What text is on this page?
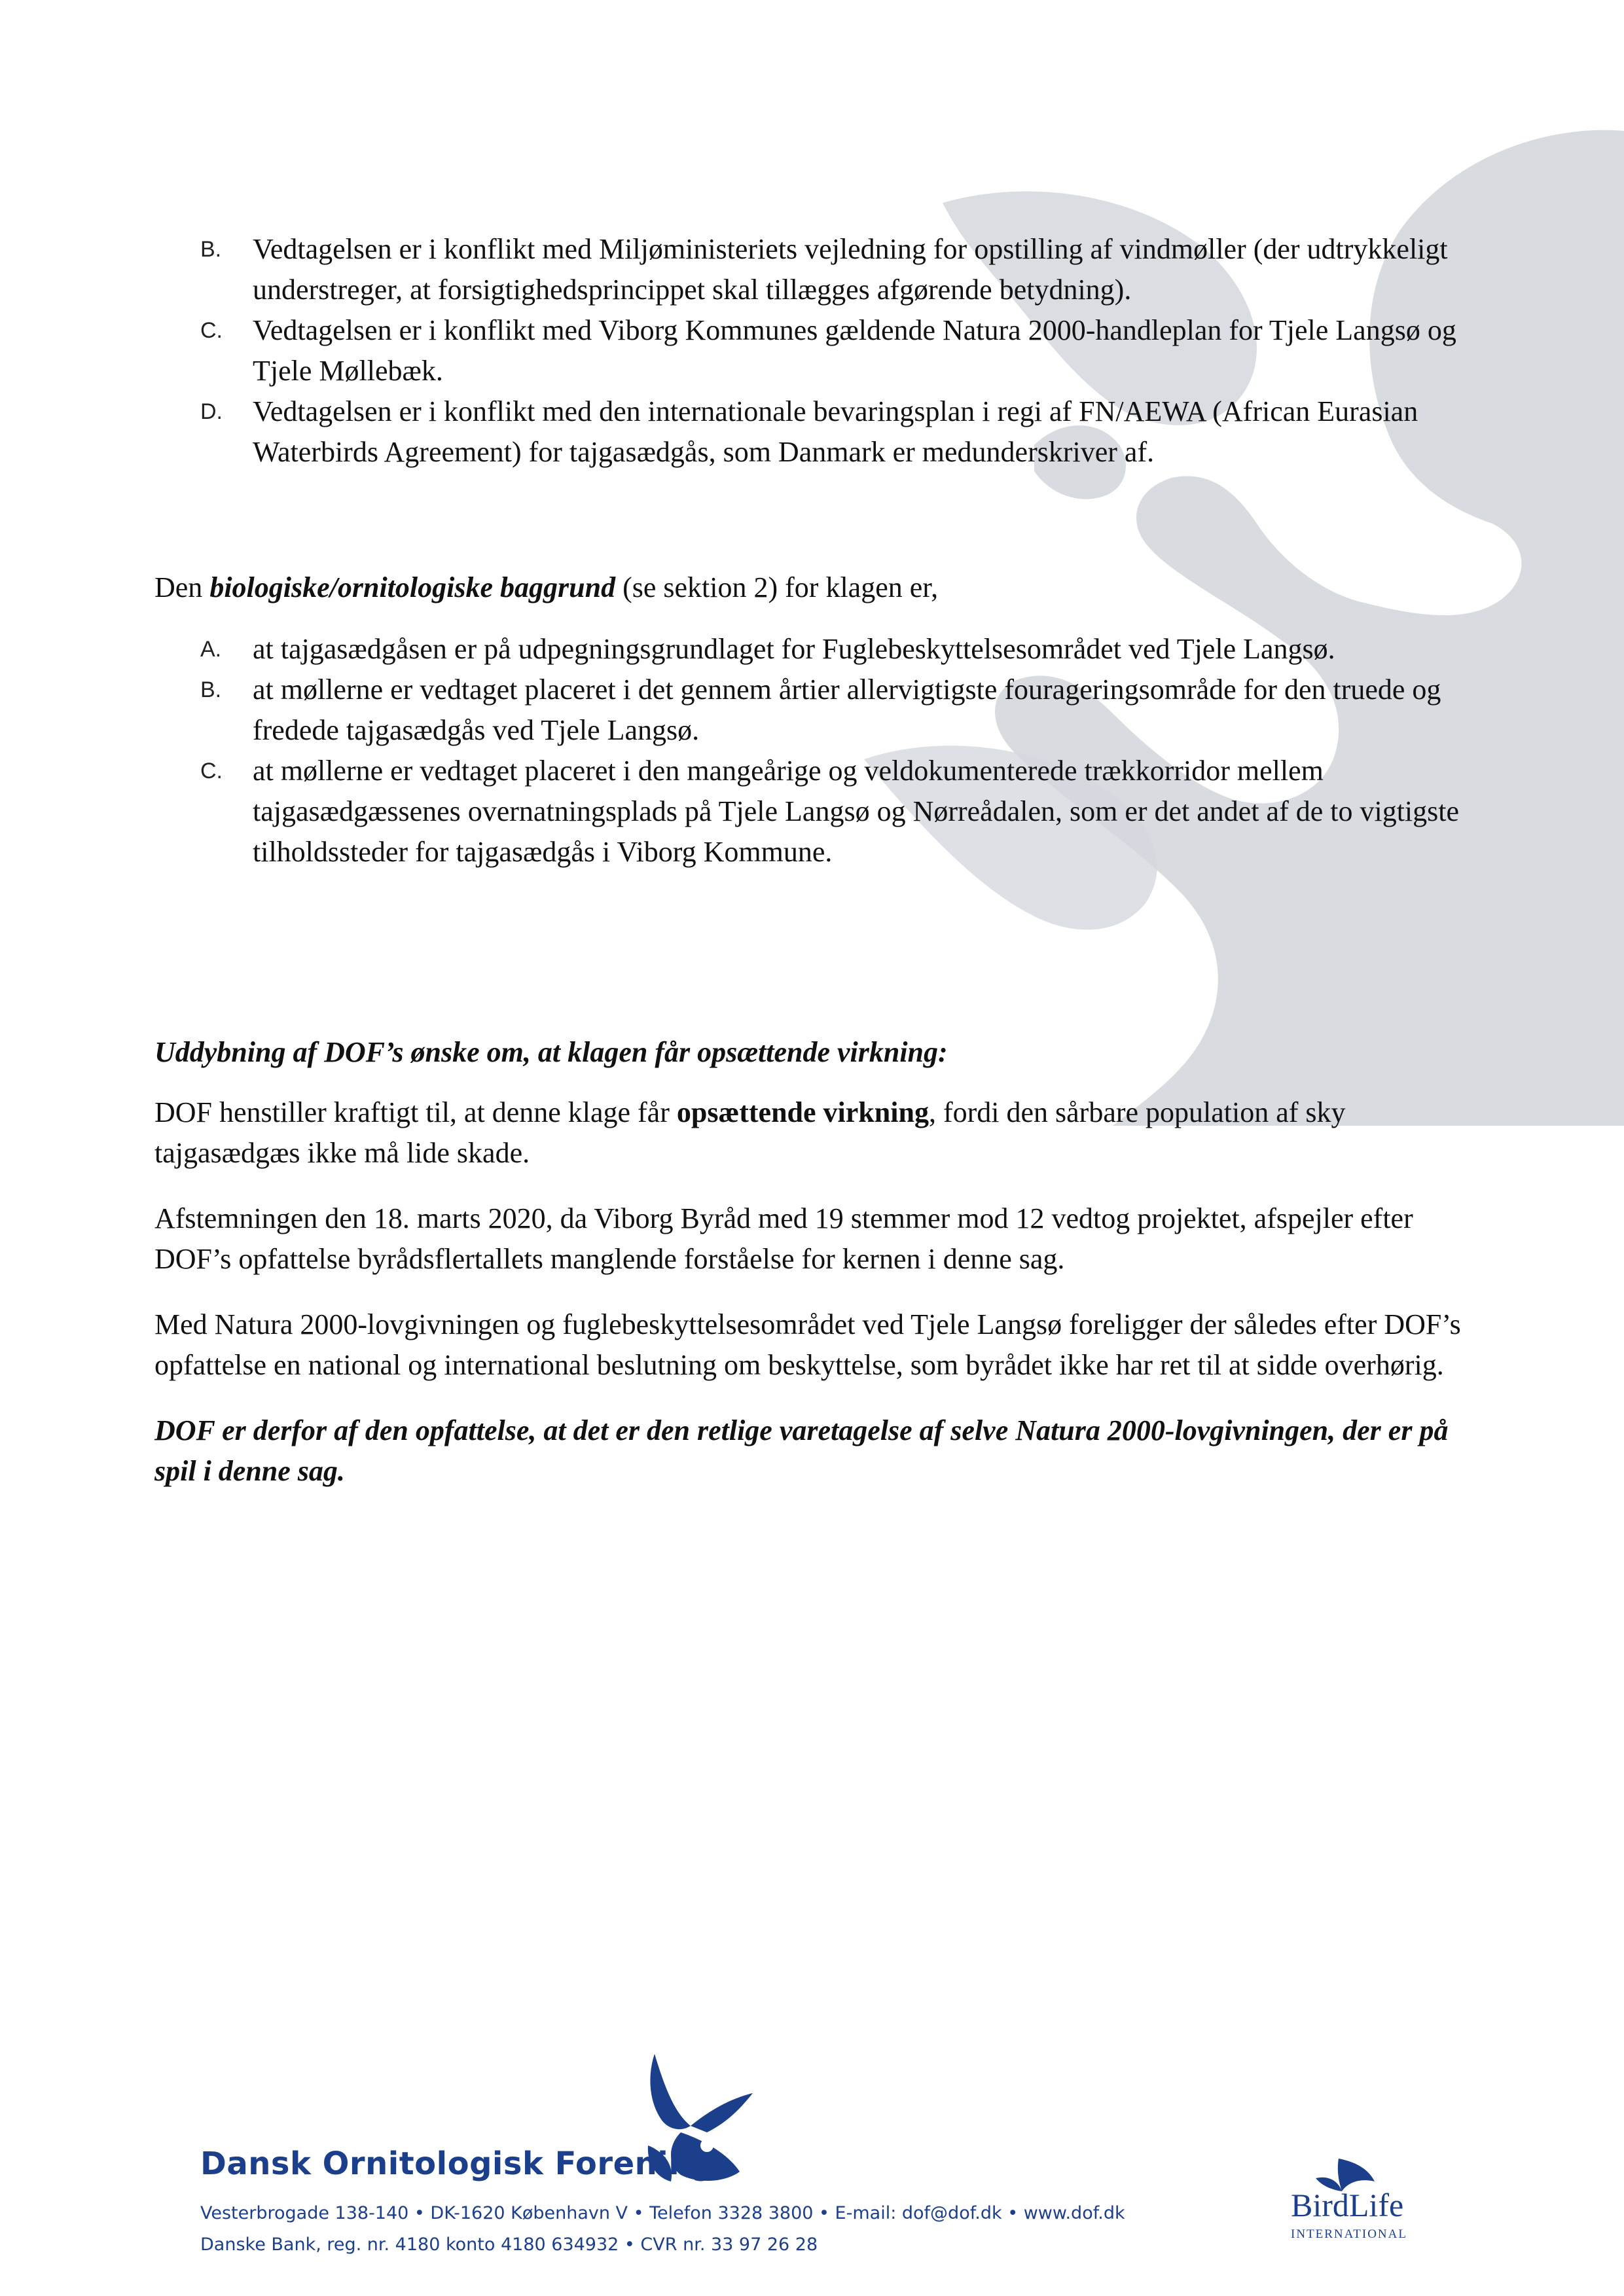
B. Vedtagelsen er i konflikt med Miljøministeriets vejledning for opstilling af vindmøller (der udtrykkeligt understreger, at forsigtighedsprincippet skal tillægges afgørende betydning).
C. Vedtagelsen er i konflikt med Viborg Kommunes gældende Natura 2000-handleplan for Tjele Langsø og Tjele Møllebæk.
D. Vedtagelsen er i konflikt med den internationale bevaringsplan i regi af FN/AEWA (African Eurasian Waterbirds Agreement) for tajgasædgås, som Danmark er medunderskriver af.

Den biologiske/ornitologiske baggrund (se sektion 2) for klagen er,

A. at tajgasædgåsen er på udpegningsgrundlaget for Fuglebeskyttelsesområdet ved Tjele Langsø.
B. at møllerne er vedtaget placeret i det gennem årtier allervigtigste fourageringsområde for den truede og fredede tajgasædgås ved Tjele Langsø.
C. at møllerne er vedtaget placeret i den mangeårige og veldokumenterede trækkorridor mellem tajgasædgæssenes overnatningsplads på Tjele Langsø og Nørreådalen, som er det andet af de to vigtigste tilholdssteder for tajgasædgås i Viborg Kommune.

Uddybning af DOF’s ønske om, at klagen får opsættende virkning:

DOF henstiller kraftigt til, at denne klage får opsættende virkning, fordi den sårbare population af sky tajgasædgæs ikke må lide skade.

Afstemningen den 18. marts 2020, da Viborg Byråd med 19 stemmer mod 12 vedtog projektet, afspejler efter DOF’s opfattelse byrådsflertallets manglende forståelse for kernen i denne sag.

Med Natura 2000-lovgivningen og fuglebeskyttelsesområdet ved Tjele Langsø foreligger der således efter DOF’s opfattelse en national og international beslutning om beskyttelse, som byrådet ikke har ret til at sidde overhørig.

DOF er derfor af den opfattelse, at det er den retlige varetagelse af selve Natura 2000-lovgivningen, der er på spil i denne sag.

Dansk Ornitologisk Forening
Vesterbrogade 138-140 • DK-1620 København V • Telefon 3328 3800 • E-mail: dof@dof.dk • www.dof.dk
Danske Bank, reg. nr. 4180 konto 4180 634932 • CVR nr. 33 97 26 28
BirdLife
INTERNATIONAL
